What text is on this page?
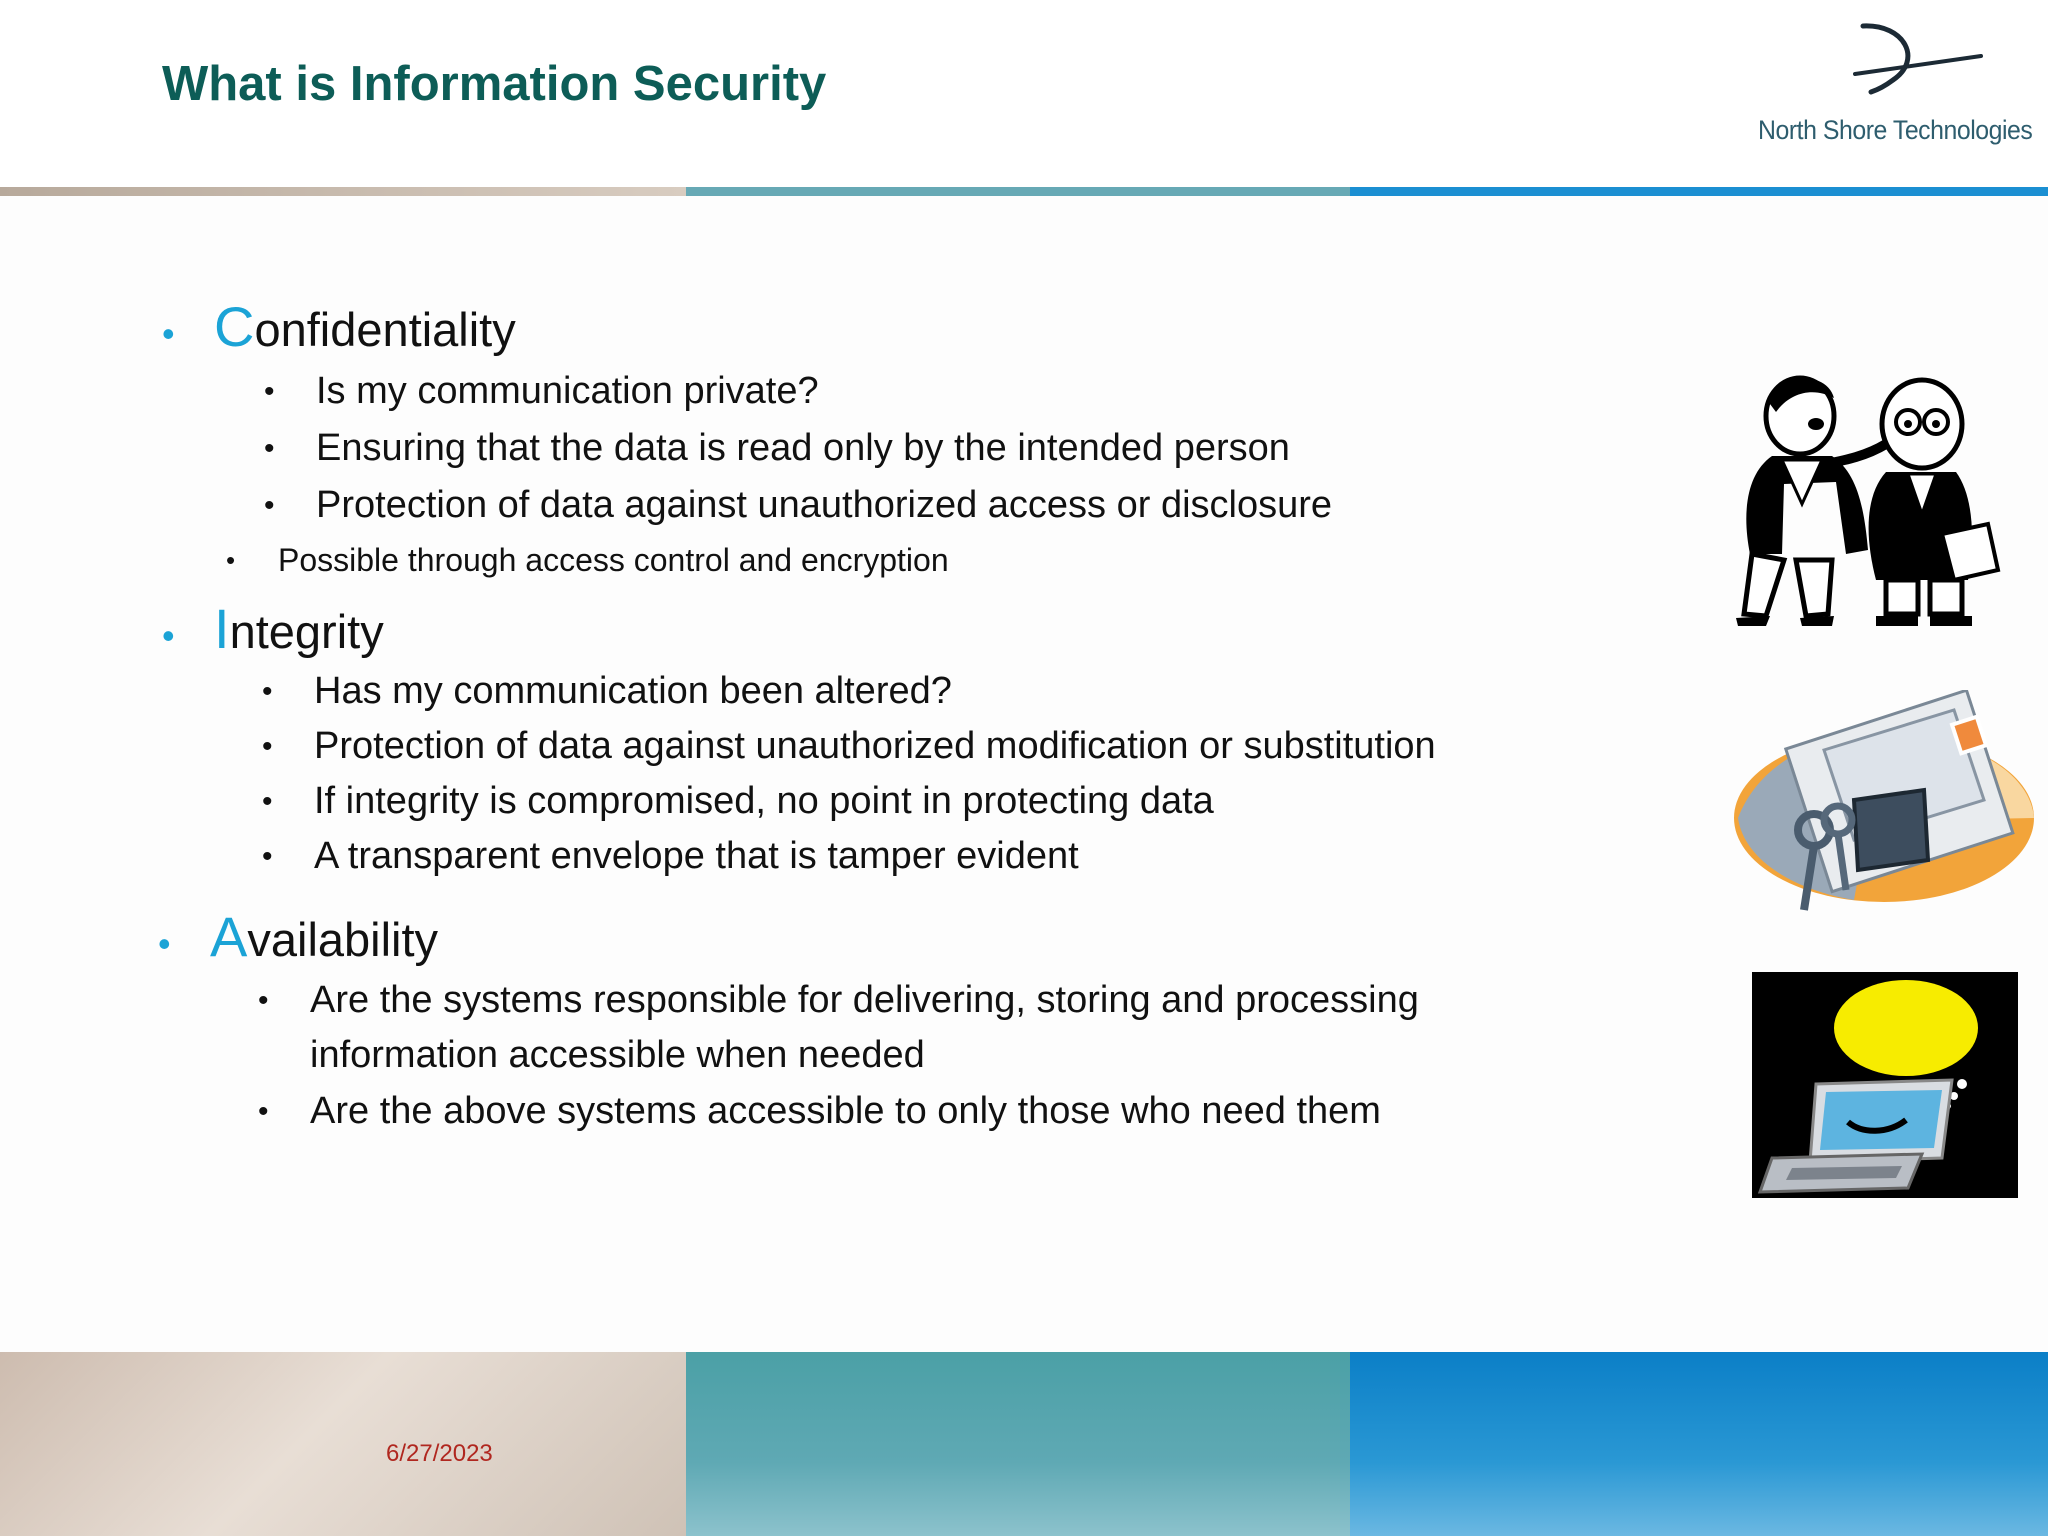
What is Information Security
North Shore Technologies
• C onfidentiality
•	Is my communication private?
•	Ensuring that the data is read only by the intended person
•	Protection of data against unauthorized access or disclosure
•	Possible through access control and encryption
• I ntegrity
•	Has my communication been altered?
•	Protection of data against unauthorized modification or substitution
•	If integrity is compromised, no point in protecting data
•	A transparent envelope that is tamper evident
• A vailability
•	Are the systems responsible for delivering, storing and processing
information accessible when needed
•	Are the above systems accessible to only those who need them
6/27/2023
